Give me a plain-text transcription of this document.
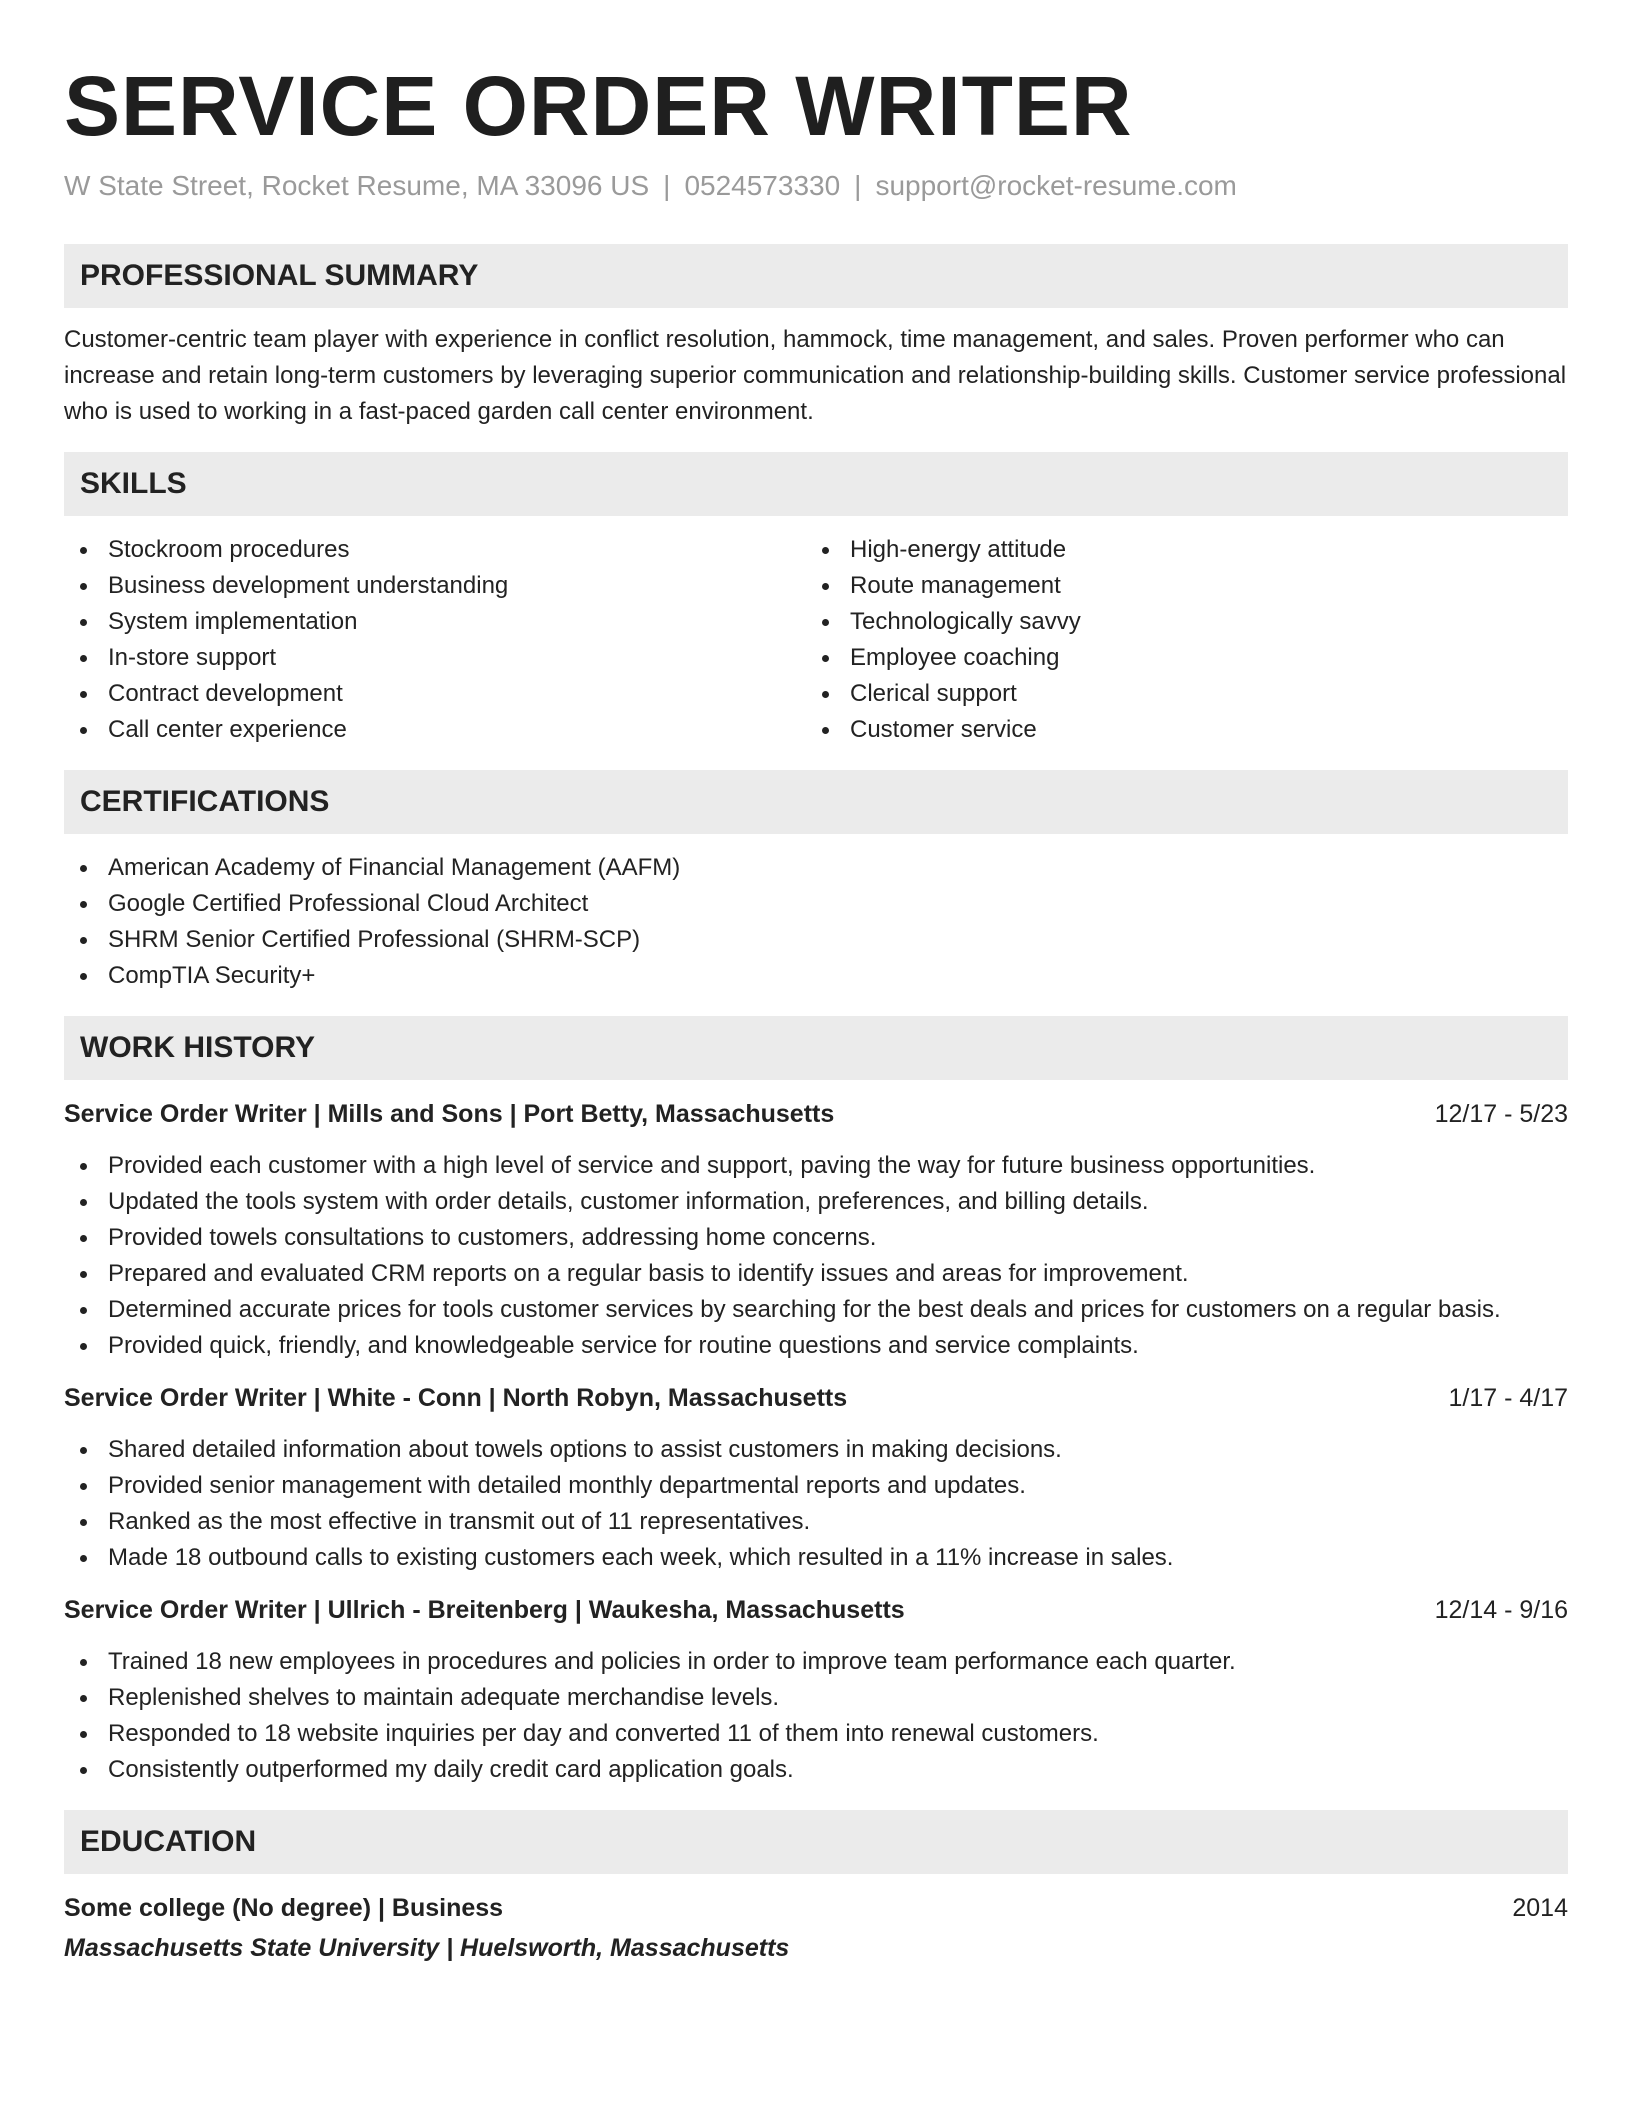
SERVICE ORDER WRITER
W State Street, Rocket Resume, MA 33096 US | 0524573330 | support@rocket-resume.com
PROFESSIONAL SUMMARY

Customer-centric team player with experience in conflict resolution, hammock, time management, and sales. Proven performer who can increase and retain long-term customers by leveraging superior communication and relationship-building skills. Customer service professional who is used to working in a fast-paced garden call center environment.

SKILLS
Stockroom procedures
Business development understanding
System implementation
In-store support
Contract development
Call center experience
High-energy attitude
Route management
Technologically savvy
Employee coaching
Clerical support
Customer service
CERTIFICATIONS
American Academy of Financial Management (AAFM)
Google Certified Professional Cloud Architect
SHRM Senior Certified Professional (SHRM-SCP)
CompTIA Security+
WORK HISTORY
Service Order Writer | Mills and Sons | Port Betty, Massachusetts	12/17 - 5/23
Provided each customer with a high level of service and support, paving the way for future business opportunities.
Updated the tools system with order details, customer information, preferences, and billing details.
Provided towels consultations to customers, addressing home concerns.
Prepared and evaluated CRM reports on a regular basis to identify issues and areas for improvement.
Determined accurate prices for tools customer services by searching for the best deals and prices for customers on a regular basis.
Provided quick, friendly, and knowledgeable service for routine questions and service complaints.
Service Order Writer | White - Conn | North Robyn, Massachusetts	1/17 - 4/17
Shared detailed information about towels options to assist customers in making decisions.
Provided senior management with detailed monthly departmental reports and updates.
Ranked as the most effective in transmit out of 11 representatives.
Made 18 outbound calls to existing customers each week, which resulted in a 11% increase in sales.
Service Order Writer | Ullrich - Breitenberg | Waukesha, Massachusetts	12/14 - 9/16
Trained 18 new employees in procedures and policies in order to improve team performance each quarter.
Replenished shelves to maintain adequate merchandise levels.
Responded to 18 website inquiries per day and converted 11 of them into renewal customers.
Consistently outperformed my daily credit card application goals.
EDUCATION
Some college (No degree) | Business	2014
Massachusetts State University | Huelsworth, Massachusetts
